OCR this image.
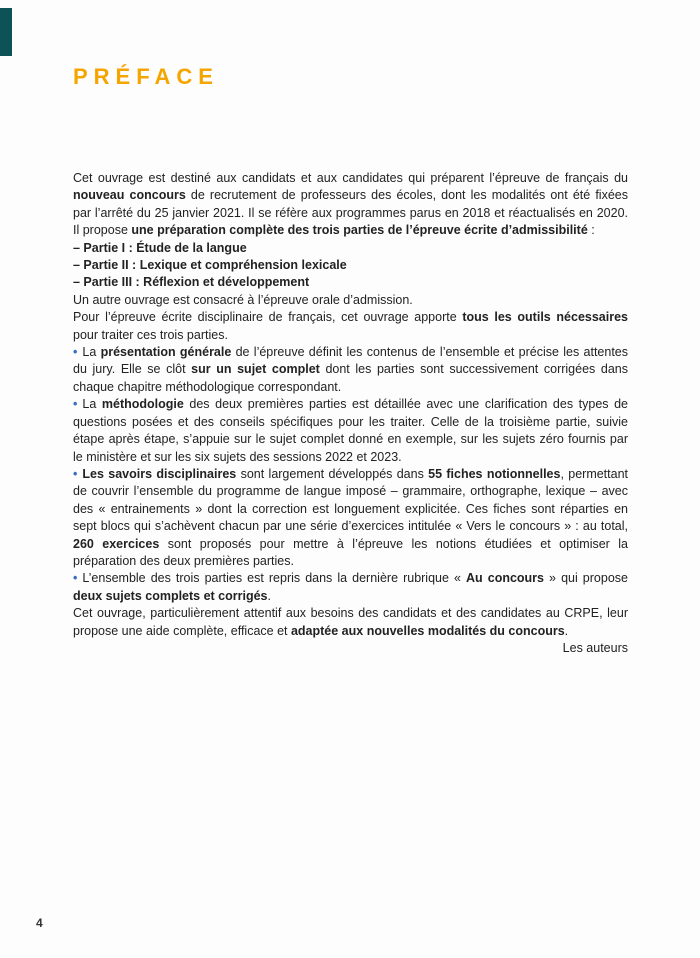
PRÉFACE

Cet ouvrage est destiné aux candidats et aux candidates qui préparent l’épreuve de français du nouveau concours de recrutement de professeurs des écoles, dont les modalités ont été fixées par l’arrêté du 25 janvier 2021. Il se réfère aux programmes parus en 2018 et réactualisés en 2020. Il propose une préparation complète des trois parties de l’épreuve écrite d’admissibilité :

– Partie I : Étude de la langue

– Partie II : Lexique et compréhension lexicale

– Partie III : Réflexion et développement

Un autre ouvrage est consacré à l’épreuve orale d’admission.

Pour l’épreuve écrite disciplinaire de français, cet ouvrage apporte tous les outils nécessaires pour traiter ces trois parties.

• La présentation générale de l’épreuve définit les contenus de l’ensemble et précise les attentes du jury. Elle se clôt sur un sujet complet dont les parties sont successivement corrigées dans chaque chapitre méthodologique correspondant.

• La méthodologie des deux premières parties est détaillée avec une clarification des types de questions posées et des conseils spécifiques pour les traiter. Celle de la troisième partie, suivie étape après étape, s’appuie sur le sujet complet donné en exemple, sur les sujets zéro fournis par le ministère et sur les six sujets des sessions 2022 et 2023.

• Les savoirs disciplinaires sont largement développés dans 55 fiches notionnelles, permettant de couvrir l’ensemble du programme de langue imposé – grammaire, orthographe, lexique – avec des « entrainements » dont la correction est longuement explicitée. Ces fiches sont réparties en sept blocs qui s’achèvent chacun par une série d’exercices intitulée « Vers le concours » : au total, 260 exercices sont proposés pour mettre à l’épreuve les notions étudiées et optimiser la préparation des deux premières parties.

• L’ensemble des trois parties est repris dans la dernière rubrique « Au concours » qui propose deux sujets complets et corrigés.

Cet ouvrage, particulièrement attentif aux besoins des candidats et des candidates au CRPE, leur propose une aide complète, efficace et adaptée aux nouvelles modalités du concours.

Les auteurs

4
